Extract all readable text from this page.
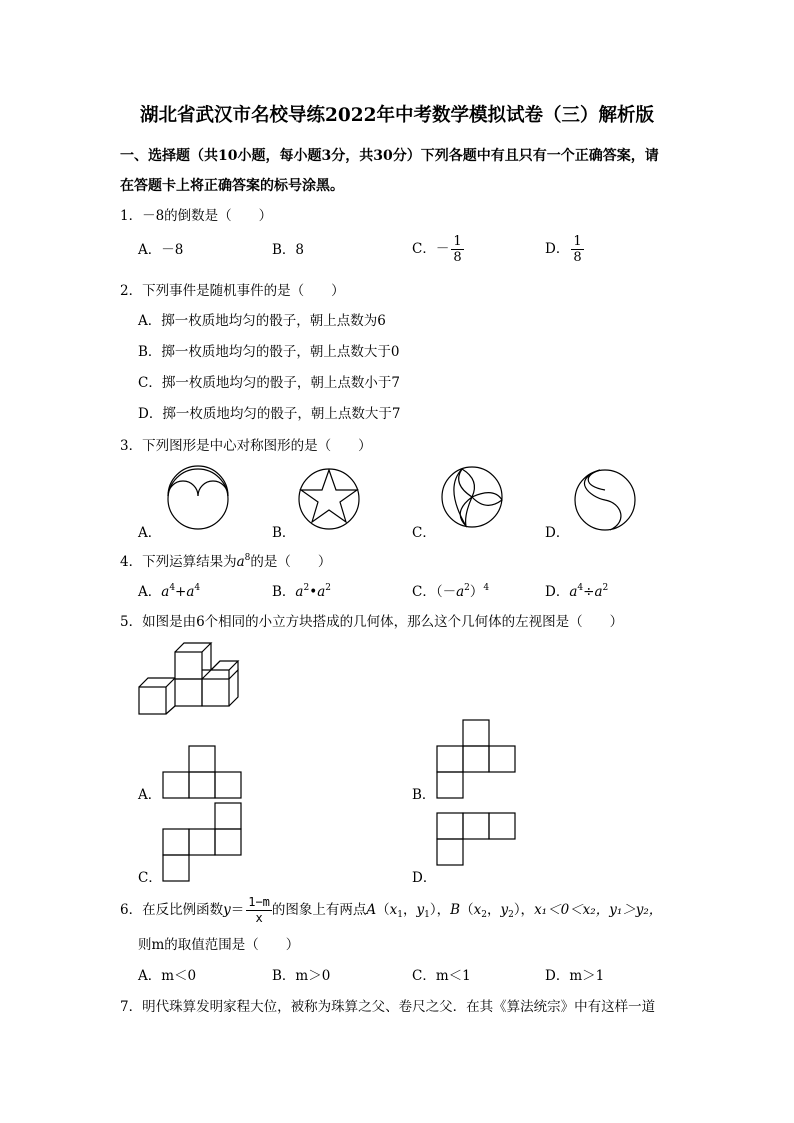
湖北省武汉市名校导练2022年中考数学模拟试卷（三）解析版
一、选择题（共10小题，每小题3分，共30分）下列各题中有且只有一个正确答案，请
在答题卡上将正确答案的标号涂黑。
1．－8的倒数是（　　）
A．－8	B．8	C．－ $\frac{1}{8}$	D． $\frac{1}{8}$
2．下列事件是随机事件的是（　　）
A．掷一枚质地均匀的骰子，朝上点数为6
B．掷一枚质地均匀的骰子，朝上点数大于0
C．掷一枚质地均匀的骰子，朝上点数小于7
D．掷一枚质地均匀的骰子，朝上点数大于7
3．下列图形是中心对称图形的是（　　）
A．	B．	C．	D．
4．下列运算结果为$a^8$的是（　　）
A．$a^4+a^4$	B．$a^2•a^2$	C．$(-a^2)^4$	D．$a^4\div a^2$
5．如图是由6个相同的小立方块搭成的几何体，那么这个几何体的左视图是（　　）
A．	B．
C．	D．
6．在反比例函数$y= \frac{1-m}{x}$ 的图象上有两点$A(x_1$，$y_1$），$B(x_2$，$y_2$），x₁＜0＜x₂，y₁＞y₂，
则m的取值范围是（　　）
A．m＜0	B．m＞0	C．m＜1	D．m＞1
7．明代珠算发明家程大位，被称为珠算之父、卷尺之父．在其《算法统宗》中有这样一道
